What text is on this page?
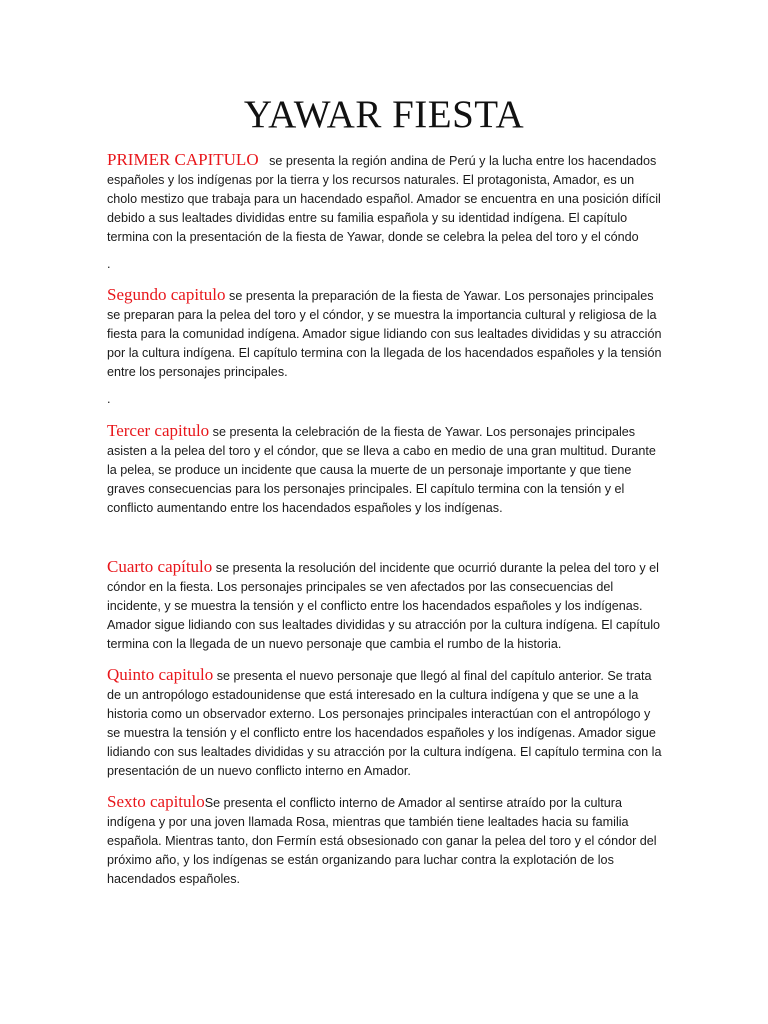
YAWAR FIESTA

PRIMER CAPITULO se presenta la región andina de Perú y la lucha entre los hacendados españoles y los indígenas por la tierra y los recursos naturales. El protagonista, Amador, es un cholo mestizo que trabaja para un hacendado español. Amador se encuentra en una posición difícil debido a sus lealtades divididas entre su familia española y su identidad indígena. El capítulo termina con la presentación de la fiesta de Yawar, donde se celebra la pelea del toro y el cóndo

.

Segundo capitulo se presenta la preparación de la fiesta de Yawar. Los personajes principales se preparan para la pelea del toro y el cóndor, y se muestra la importancia cultural y religiosa de la fiesta para la comunidad indígena. Amador sigue lidiando con sus lealtades divididas y su atracción por la cultura indígena. El capítulo termina con la llegada de los hacendados españoles y la tensión entre los personajes principales.

.

Tercer capitulo se presenta la celebración de la fiesta de Yawar. Los personajes principales asisten a la pelea del toro y el cóndor, que se lleva a cabo en medio de una gran multitud. Durante la pelea, se produce un incidente que causa la muerte de un personaje importante y que tiene graves consecuencias para los personajes principales. El capítulo termina con la tensión y el conflicto aumentando entre los hacendados españoles y los indígenas.

Cuarto capítulo se presenta la resolución del incidente que ocurrió durante la pelea del toro y el cóndor en la fiesta. Los personajes principales se ven afectados por las consecuencias del incidente, y se muestra la tensión y el conflicto entre los hacendados españoles y los indígenas. Amador sigue lidiando con sus lealtades divididas y su atracción por la cultura indígena. El capítulo termina con la llegada de un nuevo personaje que cambia el rumbo de la historia.

Quinto capitulo se presenta el nuevo personaje que llegó al final del capítulo anterior. Se trata de un antropólogo estadounidense que está interesado en la cultura indígena y que se une a la historia como un observador externo. Los personajes principales interactúan con el antropólogo y se muestra la tensión y el conflicto entre los hacendados españoles y los indígenas. Amador sigue lidiando con sus lealtades divididas y su atracción por la cultura indígena. El capítulo termina con la presentación de un nuevo conflicto interno en Amador.

Sexto capituloSe presenta el conflicto interno de Amador al sentirse atraído por la cultura indígena y por una joven llamada Rosa, mientras que también tiene lealtades hacia su familia española. Mientras tanto, don Fermín está obsesionado con ganar la pelea del toro y el cóndor del próximo año, y los indígenas se están organizando para luchar contra la explotación de los hacendados españoles.
